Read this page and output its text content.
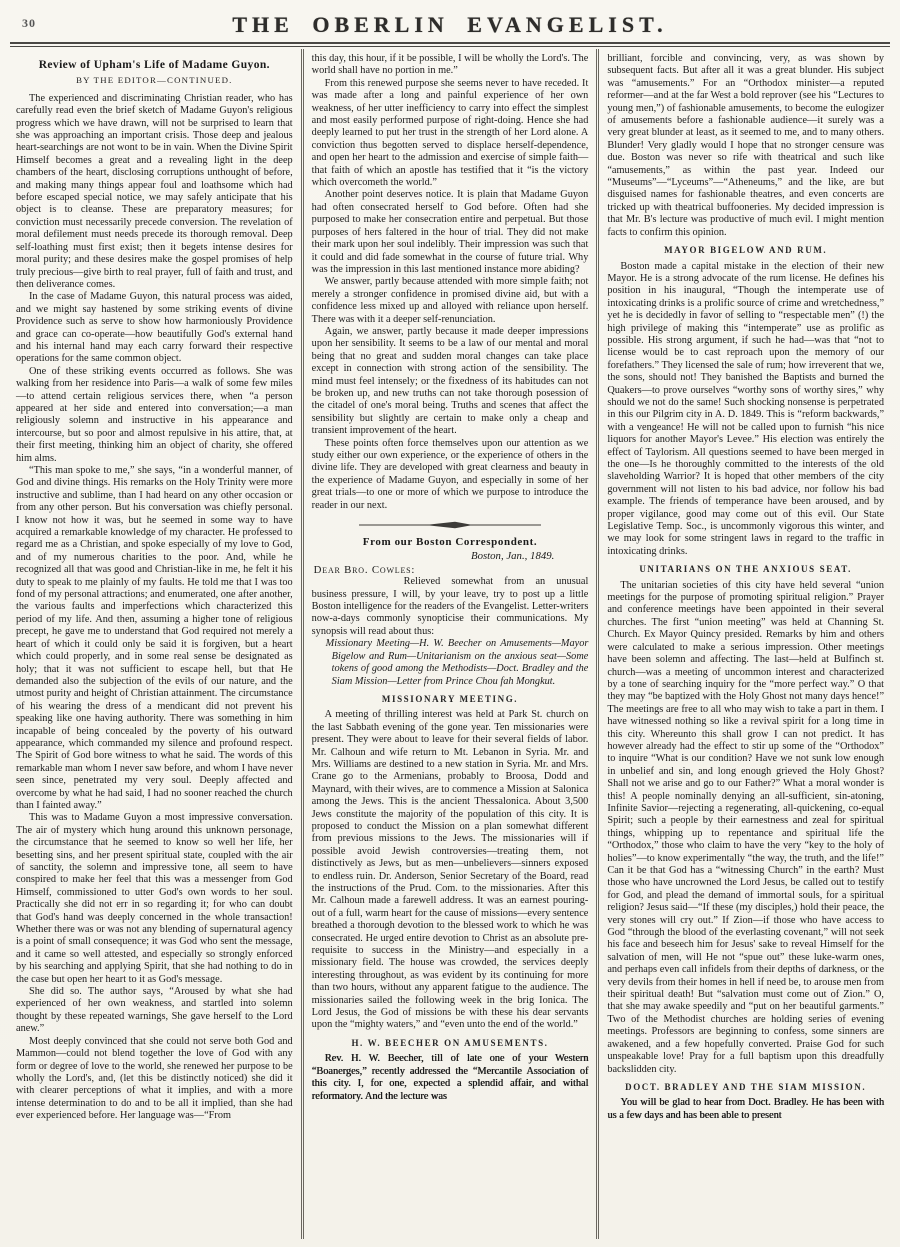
30	THE OBERLIN EVANGELIST.
Review of Upham's Life of Madame Guyon.
BY THE EDITOR—CONTINUED.

The experienced and discriminating Christian reader, who has carefully read even the brief sketch of Madame Guyon's religious progress which we have drawn, will not be surprised to learn that she was approaching an important crisis. Those deep and jealous heart-searchings are not wont to be in vain. When the Divine Spirit Himself becomes a great and a revealing light in the deep chambers of the heart, disclosing corruptions unthought of before, and making many things appear foul and loathsome which had before escaped special notice, we may safely anticipate that his object is to cleanse. These are preparatory measures; for conviction must necessarily precede conversion. The revelation of moral defilement must needs precede its thorough removal. Deep self-loathing must first exist; then it begets intense desires for moral purity; and these desires make the gospel promises of help truly precious—give birth to real prayer, full of faith and trust, and then deliverance comes.

In the case of Madame Guyon, this natural process was aided, and we might say hastened by some striking events of divine Providence such as serve to show how harmoniously Providence and grace can co-operate—how beautifully God's external hand and his internal hand may each carry forward their respective operations for the same common object.

One of these striking events occurred as follows. She was walking from her residence into Paris—a walk of some few miles—to attend certain religious services there, when “a person appeared at her side and entered into conversation;—a man religiously solemn and instructive in his appearance and intercourse, but so poor and almost repulsive in his attire, that, at their first meeting, thinking him an object of charity, she offered him alms.

“This man spoke to me,” she says, “in a wonderful manner, of God and divine things. His remarks on the Holy Trinity were more instructive and sublime, than I had heard on any other occasion or from any other person. But his conversation was chiefly personal. I know not how it was, but he seemed in some way to have acquired a remarkable knowledge of my character. He professed to regard me as a Christian, and spoke especially of my love to God, and of my numerous charities to the poor. And, while he recognized all that was good and Christian-like in me, he felt it his duty to speak to me plainly of my faults. He told me that I was too fond of my personal attractions; and enumerated, one after another, the various faults and imperfections which characterized this period of my life. And then, assuming a higher tone of religious precept, he gave me to understand that God required not merely a heart of which it could only be said it is forgiven, but a heart which could properly, and in some real sense be designated as holy; that it was not sufficient to escape hell, but that He demanded also the subjection of the evils of our nature, and the utmost purity and height of Christian attainment. The circumstance of his wearing the dress of a mendicant did not prevent his speaking like one having authority. There was something in him incapable of being concealed by the poverty of his outward appearance, which commanded my silence and profound respect. The Spirit of God bore witness to what he said. The words of this remarkable man whom I never saw before, and whom I have never seen since, penetrated my very soul. Deeply affected and overcome by what he had said, I had no sooner reached the church than I fainted away.”

This was to Madame Guyon a most impressive conversation. The air of mystery which hung around this unknown personage, the circumstance that he seemed to know so well her life, her besetting sins, and her present spiritual state, coupled with the air of sanctity, the solemn and impressive tone, all seem to have conspired to make her feel that this was a messenger from God Himself, commissioned to utter God's own words to her soul. Practically she did not err in so regarding it; for who can doubt that God's hand was deeply concerned in the whole transaction! Whether there was or was not any blending of supernatural agency is a point of small consequence; it was God who sent the message, and it came so well attested, and especially so strongly enforced by his searching and applying Spirit, that she had nothing to do in the case but open her heart to it as God's message.

She did so. The author says, “Aroused by what she had experienced of her own weakness, and startled into solemn thought by these repeated warnings, She gave herself to the Lord anew.”

Most deeply convinced that she could not serve both God and Mammon—could not blend together the love of God with any form or degree of love to the world, she renewed her purpose to be wholly the Lord's, and, (let this be distinctly noticed) she did it with clearer perceptions of what it implies, and with a more intense determination to do and to be all it implied, than she had ever experienced before. Her language was—“From

this day, this hour, if it be possible, I will be wholly the Lord's. The world shall have no portion in me.”

From this renewed purpose she seems never to have receded. It was made after a long and painful experience of her own weakness, of her utter inefficiency to carry into effect the simplest and most easily performed purpose of right-doing. Hence she had deeply learned to put her trust in the strength of her Lord alone. A conviction thus begotten served to displace herself-dependence, and open her heart to the admission and exercise of simple faith—that faith of which an apostle has testified that it “is the victory which overcometh the world.”

Another point deserves notice. It is plain that Madame Guyon had often consecrated herself to God before. Often had she purposed to make her consecration entire and perpetual. But those purposes of hers faltered in the hour of trial. They did not make their mark upon her soul indelibly. Their impression was such that it could and did fade somewhat in the course of future trial. Why was the impression in this last mentioned instance more abiding?

We answer, partly because attended with more simple faith; not merely a stronger confidence in promised divine aid, but with a confidence less mixed up and alloyed with reliance upon herself. There was with it a deeper self-renunciation.

Again, we answer, partly because it made deeper impressions upon her sensibility. It seems to be a law of our mental and moral being that no great and sudden moral changes can take place except in connection with strong action of the sensibility. The mind must feel intensely; or the fixedness of its habitudes can not be broken up, and new truths can not take thorough posession of the citadel of one's moral being. Truths and scenes that affect the sensibility but slightly are certain to make only a cheap and transient improvement of the heart.

These points often force themselves upon our attention as we study either our own experience, or the experience of others in the divine life. They are developed with great clearness and beauty in the experience of Madame Guyon, and especially in some of her great trials—to one or more of which we purpose to introduce the reader in our next.

From our Boston Correspondent.
Boston, Jan., 1849.
Dear Bro. Cowles:

Relieved somewhat from an unusual business pressure, I will, by your leave, try to post up a little Boston intelligence for the readers of the Evangelist. Letter-writers now-a-days commonly synopticise their communications. My synopsis will read about thus:

Missionary Meeting—H. W. Beecher on Amusements—Mayor Bigelow and Rum—Unitarianism on the anxious seat—Some tokens of good among the Methodists—Doct. Bradley and the Siam Mission—Letter from Prince Chou fah Mongkut.

MISSIONARY MEETING.

A meeting of thrilling interest was held at Park St. church on the last Sabbath evening of the gone year. Ten missionaries were present. They were about to leave for their several fields of labor. Mr. Calhoun and wife return to Mt. Lebanon in Syria. Mr. and Mrs. Williams are destined to a new station in Syria. Mr. and Mrs. Crane go to the Armenians, probably to Broosa, Dodd and Maynard, with their wives, are to commence a Mission at Salonica among the Jews. This is the ancient Thessalonica. About 3,500 Jews constitute the majority of the population of this city. It is proposed to conduct the Mission on a plan somewhat different from previous missions to the Jews. The missionaries will if possible avoid Jewish controversies—treating them, not distinctively as Jews, but as men—unbelievers—sinners exposed to endless ruin. Dr. Anderson, Senior Secretary of the Board, read the instructions of the Prud. Com. to the missionaries. After this Mr. Calhoun made a farewell address. It was an earnest pouring-out of a full, warm heart for the cause of missions—every sentence breathed a thorough devotion to the blessed work to which he was consecrated. He urged entire devotion to Christ as an absolute pre-requisite to success in the Ministry—and especially in a missionary field. The house was crowded, the services deeply interesting throughout, as was evident by its continuing for more than two hours, without any apparent fatigue to the audience. The missionaries sailed the following week in the brig Ionica. The Lord Jesus, the God of missions be with these his dear servants upon the “mighty waters,” and “even unto the end of the world.”

H. W. BEECHER ON AMUSEMENTS.

Rev. H. W. Beecher, till of late one of your Western “Boanerges,” recently addressed the “Mercantile Association of this city. I, for one, expected a splendid affair, and withal reformatory. And the lecture was

brilliant, forcible and convincing, very, as was shown by subsequent facts. But after all it was a great blunder. His subject was “amusements.” For an “Orthodox minister—a reputed reformer—and at the far West a bold reprover (see his “Lectures to young men,”) of fashionable amusements, to become the eulogizer of amusements before a fashionable audience—it surely was a very great blunder at least, as it seemed to me, and to many others. Blunder! Very gladly would I hope that no stronger censure was due. Boston was never so rife with theatrical and such like “amusements,” as within the past year. Indeed our “Museums”—“Lyceums”—“Atheneums,” and the like, are but disguised names for fashionable theatres, and even concerts are tricked up with theatrical buffooneries. My decided impression is that Mr. B's lecture was productive of much evil. I might mention facts to confirm this opinion.

MAYOR BIGELOW AND RUM.

Boston made a capital mistake in the election of their new Mayor. He is a strong advocate of the rum license. He defines his position in his inaugural, “Though the intemperate use of intoxicating drinks is a prolific source of crime and wretchedness,” yet he is decidedly in favor of selling to “respectable men” (!) the high privilege of making this “intemperate” use as prolific as possible. His strong argument, if such he had—was that “not to license would be to cast reproach upon the memory of our forefathers.” They licensed the sale of rum; how irreverent that we, the sons, should not! They banished the Baptists and burned the Quakers—to prove ourselves “worthy sons of worthy sires,” why should we not do the same! Such shocking nonsense is perpetrated in this our Pilgrim city in A. D. 1849. This is “reform backwards,” with a vengeance! He will not be called upon to furnish “his nice liquors for another Mayor's Levee.” His election was entirely the effect of Taylorism. All questions seemed to have been merged in the one—Is he thoroughly committed to the interests of the old slaveholding Warrior? It is hoped that other members of the city government will not listen to his bad advice, nor follow his bad example. The friends of temperance have been aroused, and by proper vigilance, good may come out of this evil. Our State Legislative Temp. Soc., is uncommonly vigorous this winter, and we may look for some stringent laws in regard to the traffic in intoxicating drinks.

UNITARIANS ON THE ANXIOUS SEAT.

The unitarian societies of this city have held several “union meetings for the purpose of promoting spiritual religion.” Prayer and conference meetings have been appointed in their several churches. The first “union meeting” was held at Channing St. Church. Ex Mayor Quincy presided. Remarks by him and others were calculated to make a serious impression. Other meetings have been solemn and affecting. The last—held at Bulfinch st. church—was a meeting of uncommon interest and characterized by a tone of searching inquiry for the “more perfect way.” O that they may “be baptized with the Holy Ghost not many days hence!” The meetings are free to all who may wish to take a part in them. I have witnessed nothing so like a revival spirit for a long time in this city. Whereunto this shall grow I can not predict. It has however already had the effect to stir up some of the “Orthodox” to inquire “What is our condition? Have we not sunk low enough in unbelief and sin, and long enough grieved the Holy Ghost? Shall not we arise and go to our Father?” What a moral wonder is this! A people nominally denying an all-sufficient, sin-atoning, Infinite Savior—rejecting a regenerating, all-quickening, co-equal Spirit; such a people by their earnestness and zeal for spiritual things, whipping up to repentance and spiritual life the “Orthodox,” those who claim to have the very “key to the holy of holies”—to know experimentally “the way, the truth, and the life!” Can it be that God has a “witnessing Church” in the earth? Must those who have uncrowned the Lord Jesus, be called out to testify for God, and plead the demand of immortal souls, for a spiritual religion? Jesus said—“If these (my disciples,) hold their peace, the very stones will cry out.” If Zion—if those who have access to God “through the blood of the everlasting covenant,” will not seek his face and beseech him for Jesus' sake to reveal Himself for the salvation of men, will He not “spue out” these luke-warm ones, and perhaps even call infidels from their depths of darkness, or the very devils from their homes in hell if need be, to arouse men from their spiritual death! But “salvation must come out of Zion.” O, that she may awake speedily and “put on her beautiful garments.” Two of the Methodist churches are holding series of evening meetings. Professors are beginning to confess, some sinners are awakened, and a few hopefully converted. Praise God for such unspeakable love! Pray for a full baptism upon this dreadfully backslidden city.

DOCT. BRADLEY AND THE SIAM MISSION.

You will be glad to hear from Doct. Bradley. He has been with us a few days and has been able to present
